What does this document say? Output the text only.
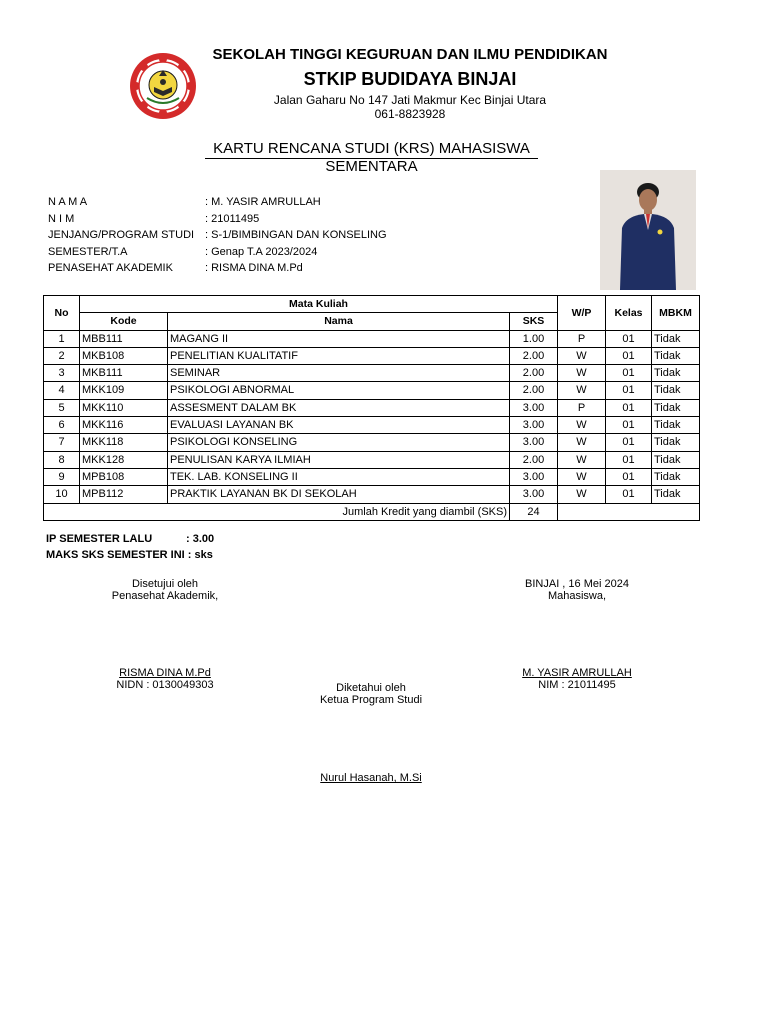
SEKOLAH TINGGI KEGURUAN DAN ILMU PENDIDIKAN
STKIP BUDIDAYA BINJAI
Jalan Gaharu No 147 Jati Makmur Kec Binjai Utara
061-8823928
KARTU RENCANA STUDI (KRS) MAHASISWA
SEMENTARA
N A M A	: M. YASIR AMRULLAH
N I M	: 21011495
JENJANG/PROGRAM STUDI : S-1/BIMBINGAN DAN KONSELING
SEMESTER/T.A	: Genap T.A 2023/2024
PENASEHAT AKADEMIK	: RISMA DINA M.Pd
No	Mata Kuliah			W/P	Kelas	MBKM
	Kode	Nama	SKS			
1	MBB111	MAGANG II	1.00	P	01	Tidak
2	MKB108	PENELITIAN KUALITATIF	2.00	W	01	Tidak
3	MKB111	SEMINAR	2.00	W	01	Tidak
4	MKK109	PSIKOLOGI ABNORMAL	2.00	W	01	Tidak
5	MKK110	ASSESMENT DALAM BK	3.00	P	01	Tidak
6	MKK116	EVALUASI LAYANAN BK	3.00	W	01	Tidak
7	MKK118	PSIKOLOGI KONSELING	3.00	W	01	Tidak
8	MKK128	PENULISAN KARYA ILMIAH	2.00	W	01	Tidak
9	MPB108	TEK. LAB. KONSELING II	3.00	W	01	Tidak
10	MPB112	PRAKTIK LAYANAN BK DI SEKOLAH	3.00	W	01	Tidak
Jumlah Kredit yang diambil (SKS)			24			
IP SEMESTER LALU	: 3.00
MAKS SKS SEMESTER INI : sks
Disetujui oleh
Penasehat Akademik,
BINJAI , 16 Mei 2024
Mahasiswa,
RISMA DINA M.Pd
NIDN : 0130049303
M. YASIR AMRULLAH
NIM : 21011495
Diketahui oleh
Ketua Program Studi
Nurul Hasanah, M.Si
